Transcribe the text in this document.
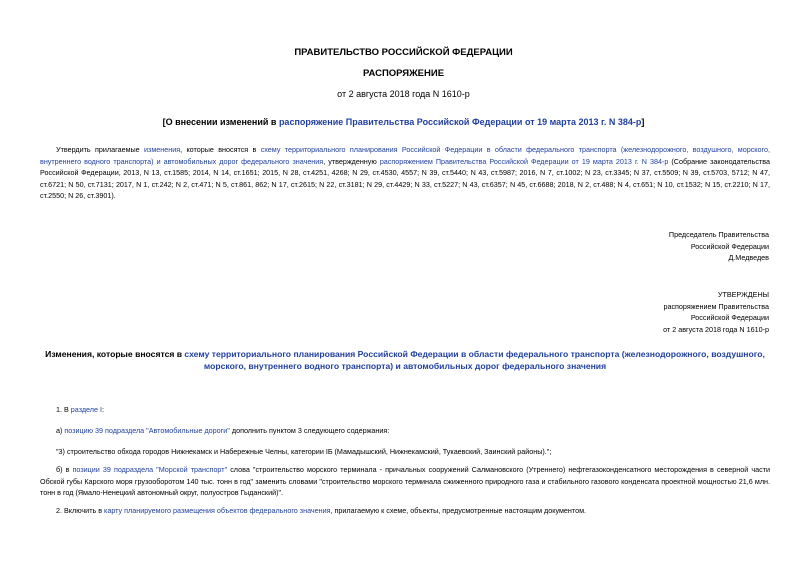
ПРАВИТЕЛЬСТВО РОССИЙСКОЙ ФЕДЕРАЦИИ
РАСПОРЯЖЕНИЕ
от 2 августа 2018 года N 1610-р
[О внесении изменений в распоряжение Правительства Российской Федерации от 19 марта 2013 г. N 384-р]
Утвердить прилагаемые изменения, которые вносятся в схему территориального планирования Российской Федерации в области федерального транспорта (железнодорожного, воздушного, морского, внутреннего водного транспорта) и автомобильных дорог федерального значения, утвержденную распоряжением Правительства Российской Федерации от 19 марта 2013 г. N 384-р (Собрание законодательства Российской Федерации, 2013, N 13, ст.1585; 2014, N 14, ст.1651; 2015, N 28, ст.4251, 4268; N 29, ст.4530, 4557; N 39, ст.5440; N 43, ст.5987; 2016, N 7, ст.1002; N 23, ст.3345; N 37, ст.5509; N 39, ст.5703, 5712; N 47, ст.6721; N 50, ст.7131; 2017, N 1, ст.242; N 2, ст.471; N 5, ст.861, 862; N 17, ст.2615; N 22, ст.3181; N 29, ст.4429; N 33, ст.5227; N 43, ст.6357; N 45, ст.6688; 2018, N 2, ст.488; N 4, ст.651; N 10, ст.1532; N 15, ст.2210; N 17, ст.2550; N 26, ст.3901).
Председатель Правительства
Российской Федерации
Д.Медведев
УТВЕРЖДЕНЫ
распоряжением Правительства
Российской Федерации
от 2 августа 2018 года N 1610-р
Изменения, которые вносятся в схему территориального планирования Российской Федерации в области федерального транспорта (железнодорожного, воздушного, морского, внутреннего водного транспорта) и автомобильных дорог федерального значения
1. В разделе I:
а) позицию 39 подраздела "Автомобильные дороги" дополнить пунктом 3 следующего содержания:
"3) строительство обхода городов Нижнекамск и Набережные Челны, категории IБ (Мамадышский, Нижнекамский, Тукаевский, Заинский районы).";
б) в позиции 39 подраздела "Морской транспорт" слова "строительство морского терминала - причальных сооружений Салмановского (Утреннего) нефтегазоконденсатного месторождения в северной части Обской губы Карского моря грузооборотом 140 тыс. тонн в год" заменить словами "строительство морского терминала сжиженного природного газа и стабильного газового конденсата проектной мощностью 21,6 млн. тонн в год (Ямало-Ненецкий автономный округ, полуостров Гыданский)".
2. Включить в карту планируемого размещения объектов федерального значения, прилагаемую к схеме, объекты, предусмотренные настоящим документом.
